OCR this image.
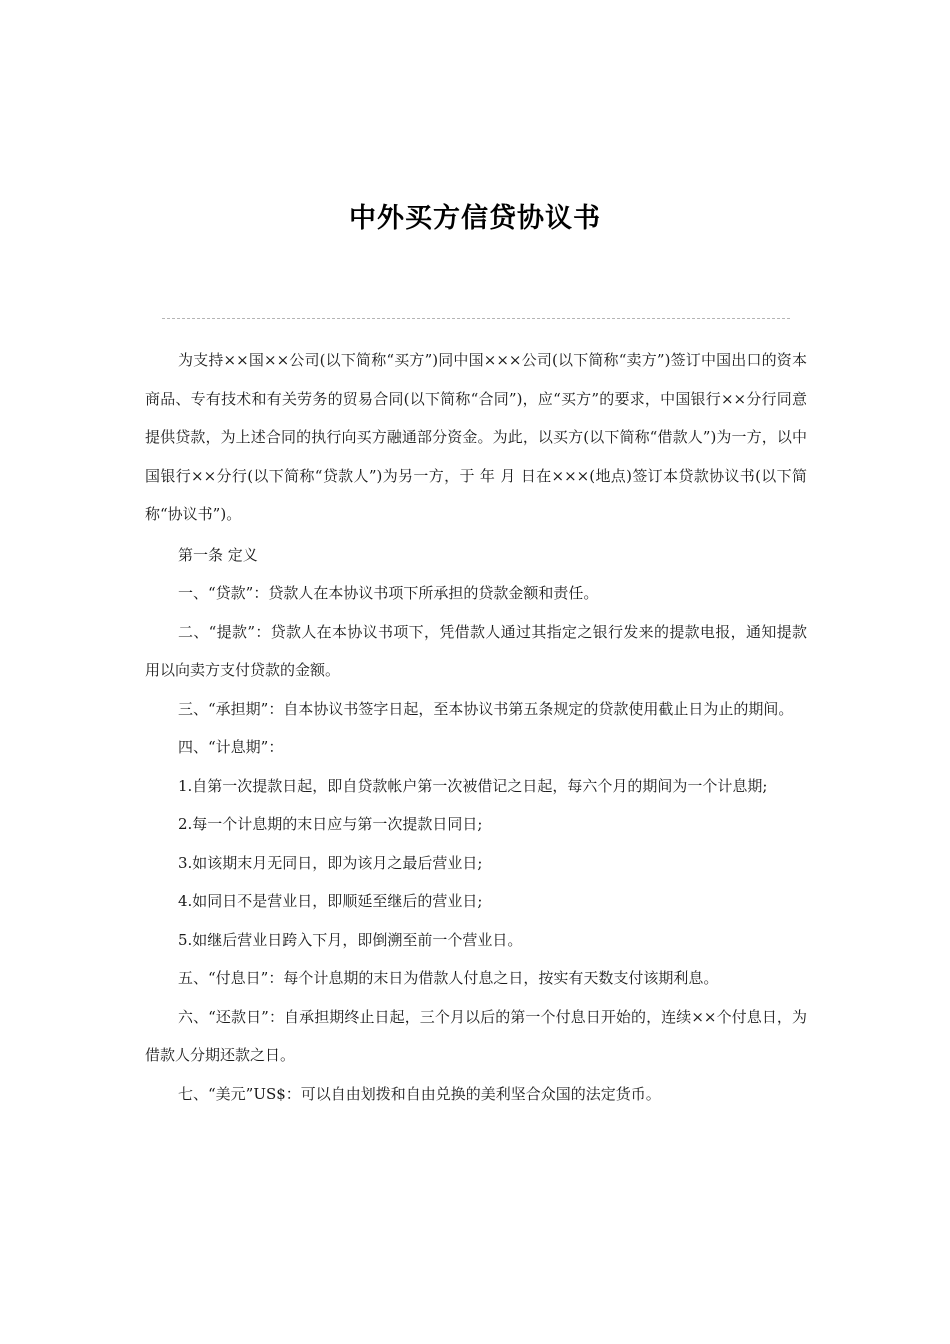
中外买方信贷协议书

为支持××国××公司(以下简称“买方”)同中国×××公司(以下简称“卖方”)签订中国出口的资本商品、专有技术和有关劳务的贸易合同(以下简称“合同”)，应“买方”的要求，中国银行××分行同意提供贷款，为上述合同的执行向买方融通部分资金。为此，以买方(以下简称“借款人”)为一方，以中国银行××分行(以下简称“贷款人”)为另一方，于 年 月 日在×××(地点)签订本贷款协议书(以下简称“协议书”)。

第一条 定义

一、“贷款”：贷款人在本协议书项下所承担的贷款金额和责任。

二、“提款”：贷款人在本协议书项下，凭借款人通过其指定之银行发来的提款电报，通知提款用以向卖方支付贷款的金额。

三、“承担期”：自本协议书签字日起，至本协议书第五条规定的贷款使用截止日为止的期间。

四、“计息期”：

1.自第一次提款日起，即自贷款帐户第一次被借记之日起，每六个月的期间为一个计息期;

2.每一个计息期的末日应与第一次提款日同日;

3.如该期末月无同日，即为该月之最后营业日;

4.如同日不是营业日，即顺延至继后的营业日;

5.如继后营业日跨入下月，即倒溯至前一个营业日。

五、“付息日”：每个计息期的末日为借款人付息之日，按实有天数支付该期利息。

六、“还款日”：自承担期终止日起，三个月以后的第一个付息日开始的，连续××个付息日，为借款人分期还款之日。

七、“美元”US$：可以自由划拨和自由兑换的美利坚合众国的法定货币。
